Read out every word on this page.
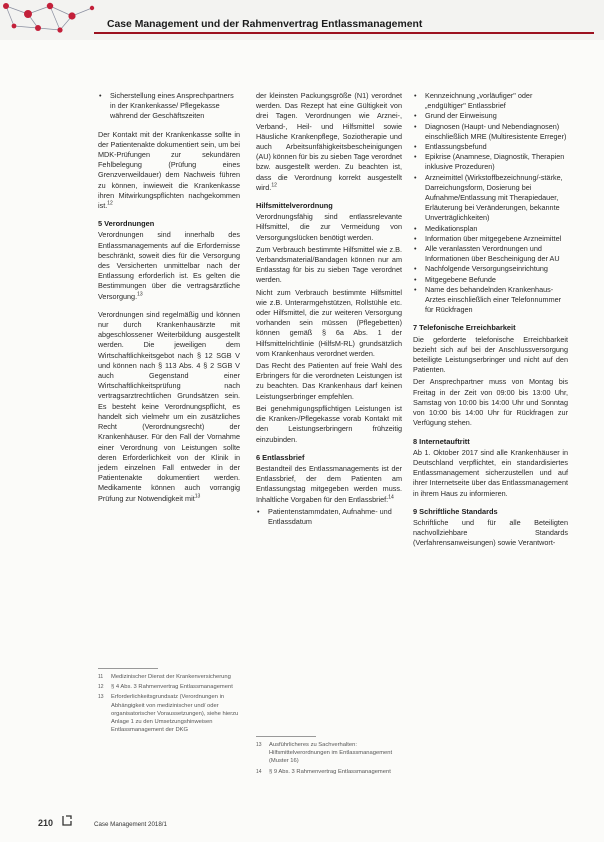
Case Management und der Rahmenvertrag Entlassmanagement
• Sicherstellung eines Ansprechpartners in der Krankenkasse/ Pflegekasse während der Geschäftszeiten

Der Kontakt mit der Krankenkasse sollte in der Patientenakte dokumentiert sein, um bei MDK-Prüfungen zur sekundären Fehlbelegung (Prüfung eines Grenzverweildauer) dem Nachweis führen zu können, inwieweit die Krankenkasse ihren Mitwirkungspflichten nachgekommen ist.$^{12}$

5 Verordnungen

Verordnungen sind innerhalb des Entlassmanagements auf die Erfordernisse beschränkt, soweit dies für die Versorgung des Versicherten unmittelbar nach der Entlassung erforderlich ist. Es gelten die Bestimmungen über die vertragsärztliche Versorgung.$^{13}$

Verordnungen sind regelmäßig und können nur durch Krankenhausärzte mit abgeschlossener Weiterbildung ausgestellt werden. Die jeweiligen dem Wirtschaftlichkeitsgebot nach § 12 SGB V und können nach § 113 Abs. 4 § 2 SGB V auch Gegenstand einer Wirtschaftlichkeitsprüfung nach vertragsarztrechtlichen Grundsätzen sein. Es besteht keine Verordnungspflicht, es handelt sich vielmehr um ein zusätzliches Recht (Verordnungsrecht) der Krankenhäuser. Für den Fall der Vornahme einer Verordnung von Leistungen sollte deren Erforderlichkeit von der Klinik in jedem einzelnen Fall entweder in der Patientenakte dokumentiert werden. Medikamente können auch vorrangig Prüfung zur Notwendigkeit mit$^{13}$

11 Medizinischer Dienst der Krankenversicherung
12 § 4 Abs. 3 Rahmenvertrag Entlassmanagement
13 Erforderlichkeitsgrundsatz (Verordnungen in Abhängigkeit von medizinischer und/ oder organisatorischer Voraussetzungen), siehe hierzu Anlage 1 zu den Umsetzungshinweisen Entlassmanagement der DKG

der kleinsten Packungsgröße (N1) verordnet werden. Das Rezept hat eine Gültigkeit von drei Tagen. Verordnungen wie Arznei-, Verband-, Heil- und Hilfsmittel sowie Häusliche Krankenpflege, Soziotherapie und auch Arbeitsunfähigkeitsbescheinigungen (AU) können für bis zu sieben Tage verordnet bzw. ausgestellt werden. Zu beachten ist, dass die Verordnung korrekt ausgestellt wird.$^{12}$

Hilfsmittelverordnung

Verordnungsfähig sind entlassrelevante Hilfsmittel, die zur Vermeidung von Versorgungslücken benötigt werden.

Zum Verbrauch bestimmte Hilfsmittel wie z.B. Verbandsmaterial/Bandagen können nur am Entlasstag für bis zu sieben Tage verordnet werden.

Nicht zum Verbrauch bestimmte Hilfsmittel wie z.B. Unterarmgehstützen, Rollstühle etc. oder Hilfsmittel, die zur weiteren Versorgung vorhanden sein müssen (Pflegebetten) können gemäß § 6a Abs. 1 der Hilfsmittelrichtlinie (HilfsM-RL) grundsätzlich vom Krankenhaus verordnet werden.

Das Recht des Patienten auf freie Wahl des Erbringers für die verordneten Leistungen ist zu beachten. Das Krankenhaus darf keinen Leistungserbringer empfehlen.

Bei genehmigungspflichtigen Leistungen ist die Kranken-/Pflegekasse vorab Kontakt mit den Leistungserbringern frühzeitig einzubinden.

6 Entlassbrief

Bestandteil des Entlassmanagements ist der Entlassbrief, der dem Patienten am Entlassungstag mitgegeben werden muss. Inhaltliche Vorgaben für den Entlassbrief:$^{14}$

• Patientenstammdaten, Aufnahme- und Entlassdatum
13 Ausführlicheres zu Sachverhalten: Hilfsmittelverordnungen im Entlassmanagement (Muster 16)
14 § 9 Abs. 3 Rahmenvertrag Entlassmanagement
• Kennzeichnung „vorläufiger" oder „endgültiger" Entlassbrief
• Grund der Einweisung
• Diagnosen (Haupt- und Nebendiagnosen) einschließlich MRE (Multiresistente Erreger)
• Entlassungsbefund
• Epikrise (Anamnese, Diagnostik, Therapien inklusive Prozeduren)
• Arzneimittel (Wirkstoffbezeichnung/-stärke, Darreichungsform, Dosierung bei Aufnahme/Entlassung mit Therapiedauer, Erläuterung bei Veränderungen, bekannte Unverträglichkeiten)
• Medikationsplan
• Information über mitgegebene Arzneimittel
• Alle veranlassten Verordnungen und Informationen über Bescheinigung der AU
• Nachfolgende Versorgungseinrichtung
• Mitgegebene Befunde
• Name des behandelnden Krankenhaus-Arztes einschließlich einer Telefonnummer für Rückfragen
7 Telefonische Erreichbarkeit

Die geforderte telefonische Erreichbarkeit bezieht sich auf bei der Anschlussversorgung beteiligte Leistungserbringer und nicht auf den Patienten.

Der Ansprechpartner muss von Montag bis Freitag in der Zeit von 09:00 bis 13:00 Uhr, Samstag von 10:00 bis 14:00 Uhr und Sonntag von 10:00 bis 14:00 Uhr für Rückfragen zur Verfügung stehen.

8 Internetauftritt

Ab 1. Oktober 2017 sind alle Krankenhäuser in Deutschland verpflichtet, ein standardisiertes Entlassmanagement sicherzustellen und auf ihrer Internetseite über das Entlassmanagement in ihrem Haus zu informieren.

9 Schriftliche Standards

Schriftliche und für alle Beteiligten nachvollziehbare Standards (Verfahrensanweisungen) sowie Verantwort-

210	Case Management 2018/1
